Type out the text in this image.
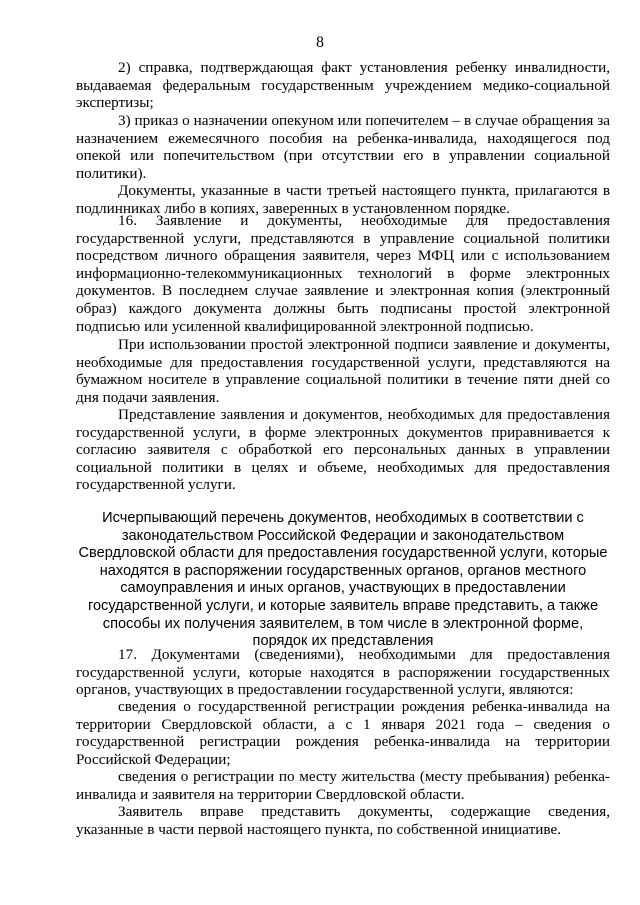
8

2) справка, подтверждающая факт установления ребенку инвалидности, выдаваемая федеральным государственным учреждением медико-социальной экспертизы;

3) приказ о назначении опекуном или попечителем – в случае обращения за назначением ежемесячного пособия на ребенка-инвалида, находящегося под опекой или попечительством (при отсутствии его в управлении социальной политики).

Документы, указанные в части третьей настоящего пункта, прилагаются в подлинниках либо в копиях, заверенных в установленном порядке.

16. Заявление и документы, необходимые для предоставления государственной услуги, представляются в управление социальной политики посредством личного обращения заявителя, через МФЦ или с использованием информационно-телекоммуникационных технологий в форме электронных документов. В последнем случае заявление и электронная копия (электронный образ) каждого документа должны быть подписаны простой электронной подписью или усиленной квалифицированной электронной подписью.

При использовании простой электронной подписи заявление и документы, необходимые для предоставления государственной услуги, представляются на бумажном носителе в управление социальной политики в течение пяти дней со дня подачи заявления.

Представление заявления и документов, необходимых для предоставления государственной услуги, в форме электронных документов приравнивается к согласию заявителя с обработкой его персональных данных в управлении социальной политики в целях и объеме, необходимых для предоставления государственной услуги.

Исчерпывающий перечень документов, необходимых в соответствии с законодательством Российской Федерации и законодательством Свердловской области для предоставления государственной услуги, которые находятся в распоряжении государственных органов, органов местного самоуправления и иных органов, участвующих в предоставлении государственной услуги, и которые заявитель вправе представить, а также способы их получения заявителем, в том числе в электронной форме, порядок их представления

17. Документами (сведениями), необходимыми для предоставления государственной услуги, которые находятся в распоряжении государственных органов, участвующих в предоставлении государственной услуги, являются:

сведения о государственной регистрации рождения ребенка-инвалида на территории Свердловской области, а с 1 января 2021 года – сведения о государственной регистрации рождения ребенка-инвалида на территории Российской Федерации;

сведения о регистрации по месту жительства (месту пребывания) ребенка-инвалида и заявителя на территории Свердловской области.

Заявитель вправе представить документы, содержащие сведения, указанные в части первой настоящего пункта, по собственной инициативе.
